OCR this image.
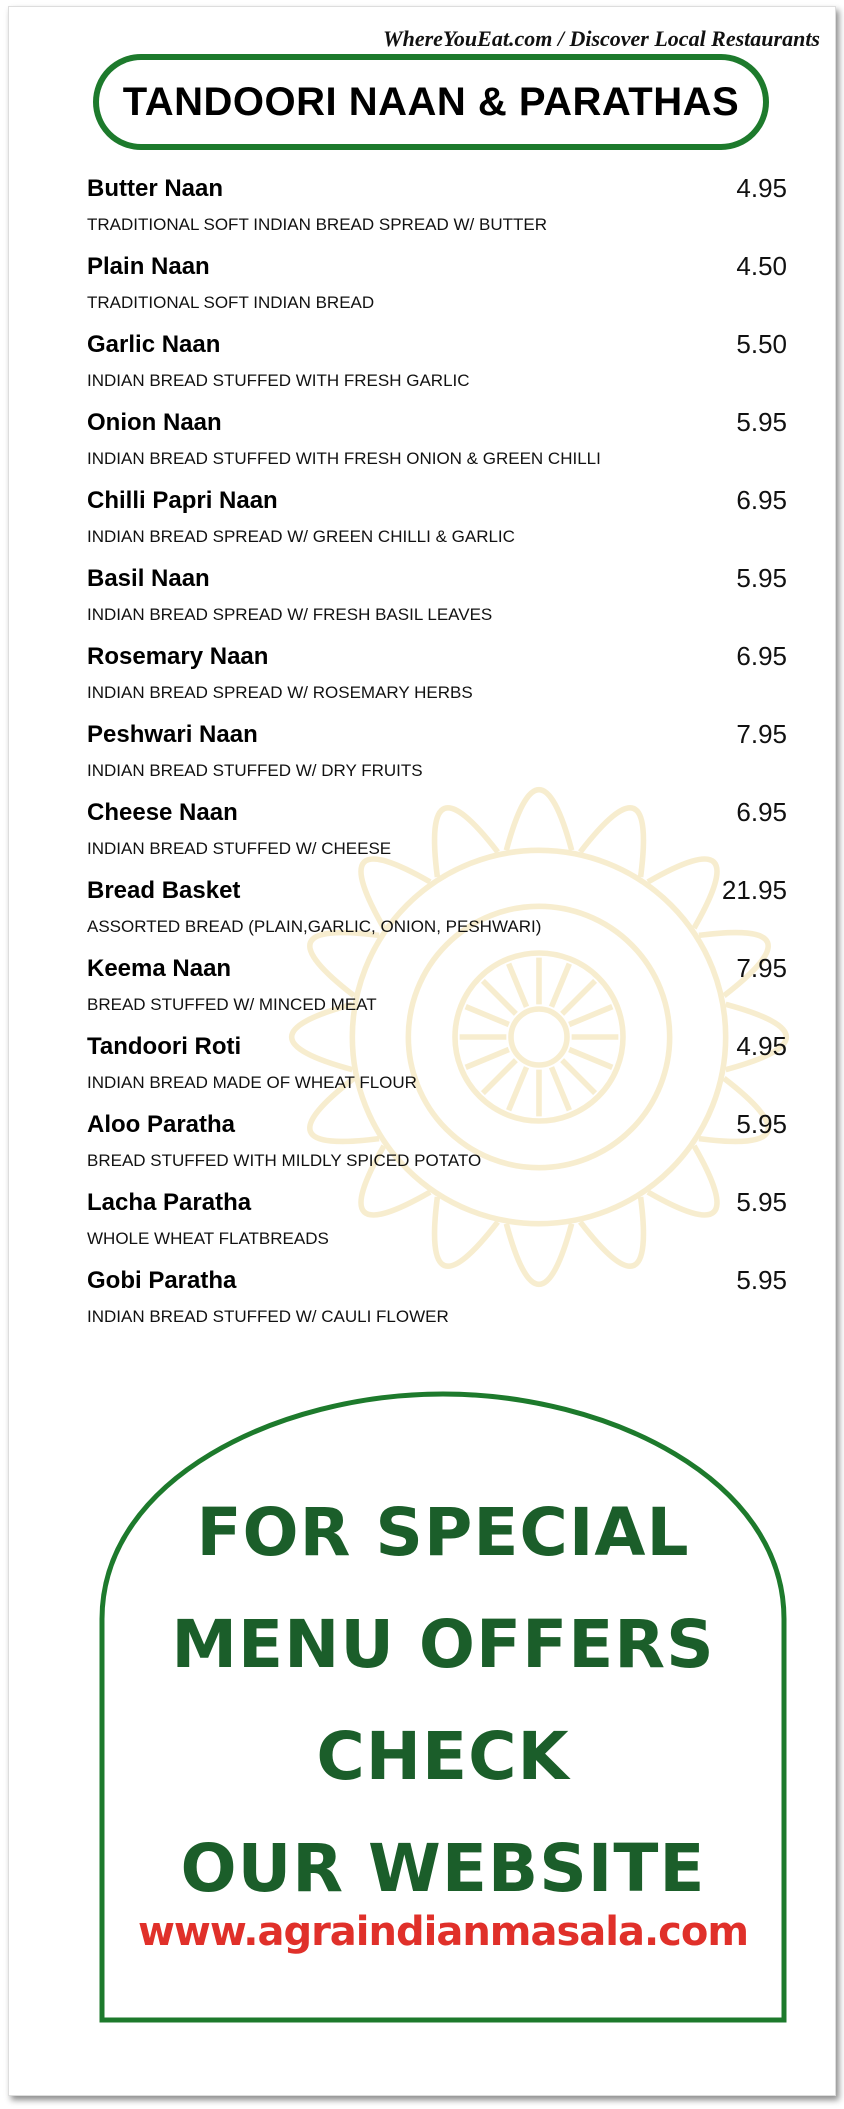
TANDOORI NAAN & PARATHAS
Butter Naan	4.95
TRADITIONAL SOFT INDIAN BREAD SPREAD W/ BUTTER
Plain Naan	4.50
TRADITIONAL SOFT INDIAN BREAD
Garlic Naan	5.50
INDIAN BREAD STUFFED WITH FRESH GARLIC
Onion Naan	5.95
INDIAN BREAD STUFFED WITH FRESH ONION & GREEN CHILLI
Chilli Papri Naan	6.95
INDIAN BREAD SPREAD W/ GREEN CHILLI & GARLIC
Basil Naan	5.95
INDIAN BREAD SPREAD W/ FRESH BASIL LEAVES
Rosemary Naan	6.95
INDIAN BREAD SPREAD W/ ROSEMARY HERBS
Peshwari Naan	7.95
INDIAN BREAD STUFFED W/ DRY FRUITS
Cheese Naan	6.95
INDIAN BREAD STUFFED W/ CHEESE
Bread Basket	21.95
ASSORTED BREAD (PLAIN,GARLIC, ONION, PESHWARI)
Keema Naan	7.95
BREAD STUFFED W/ MINCED MEAT
Tandoori Roti	4.95
INDIAN BREAD MADE OF WHEAT FLOUR
Aloo Paratha	5.95
BREAD STUFFED WITH MILDLY SPICED POTATO
Lacha Paratha	5.95
WHOLE WHEAT FLATBREADS
Gobi Paratha	5.95
INDIAN BREAD STUFFED W/ CAULI FLOWER
FOR SPECIAL
MENU OFFERS
CHECK
OUR WEBSITE
www.agraindianmasala.com
WhereYouEat.com / Discover Local Restaurants
